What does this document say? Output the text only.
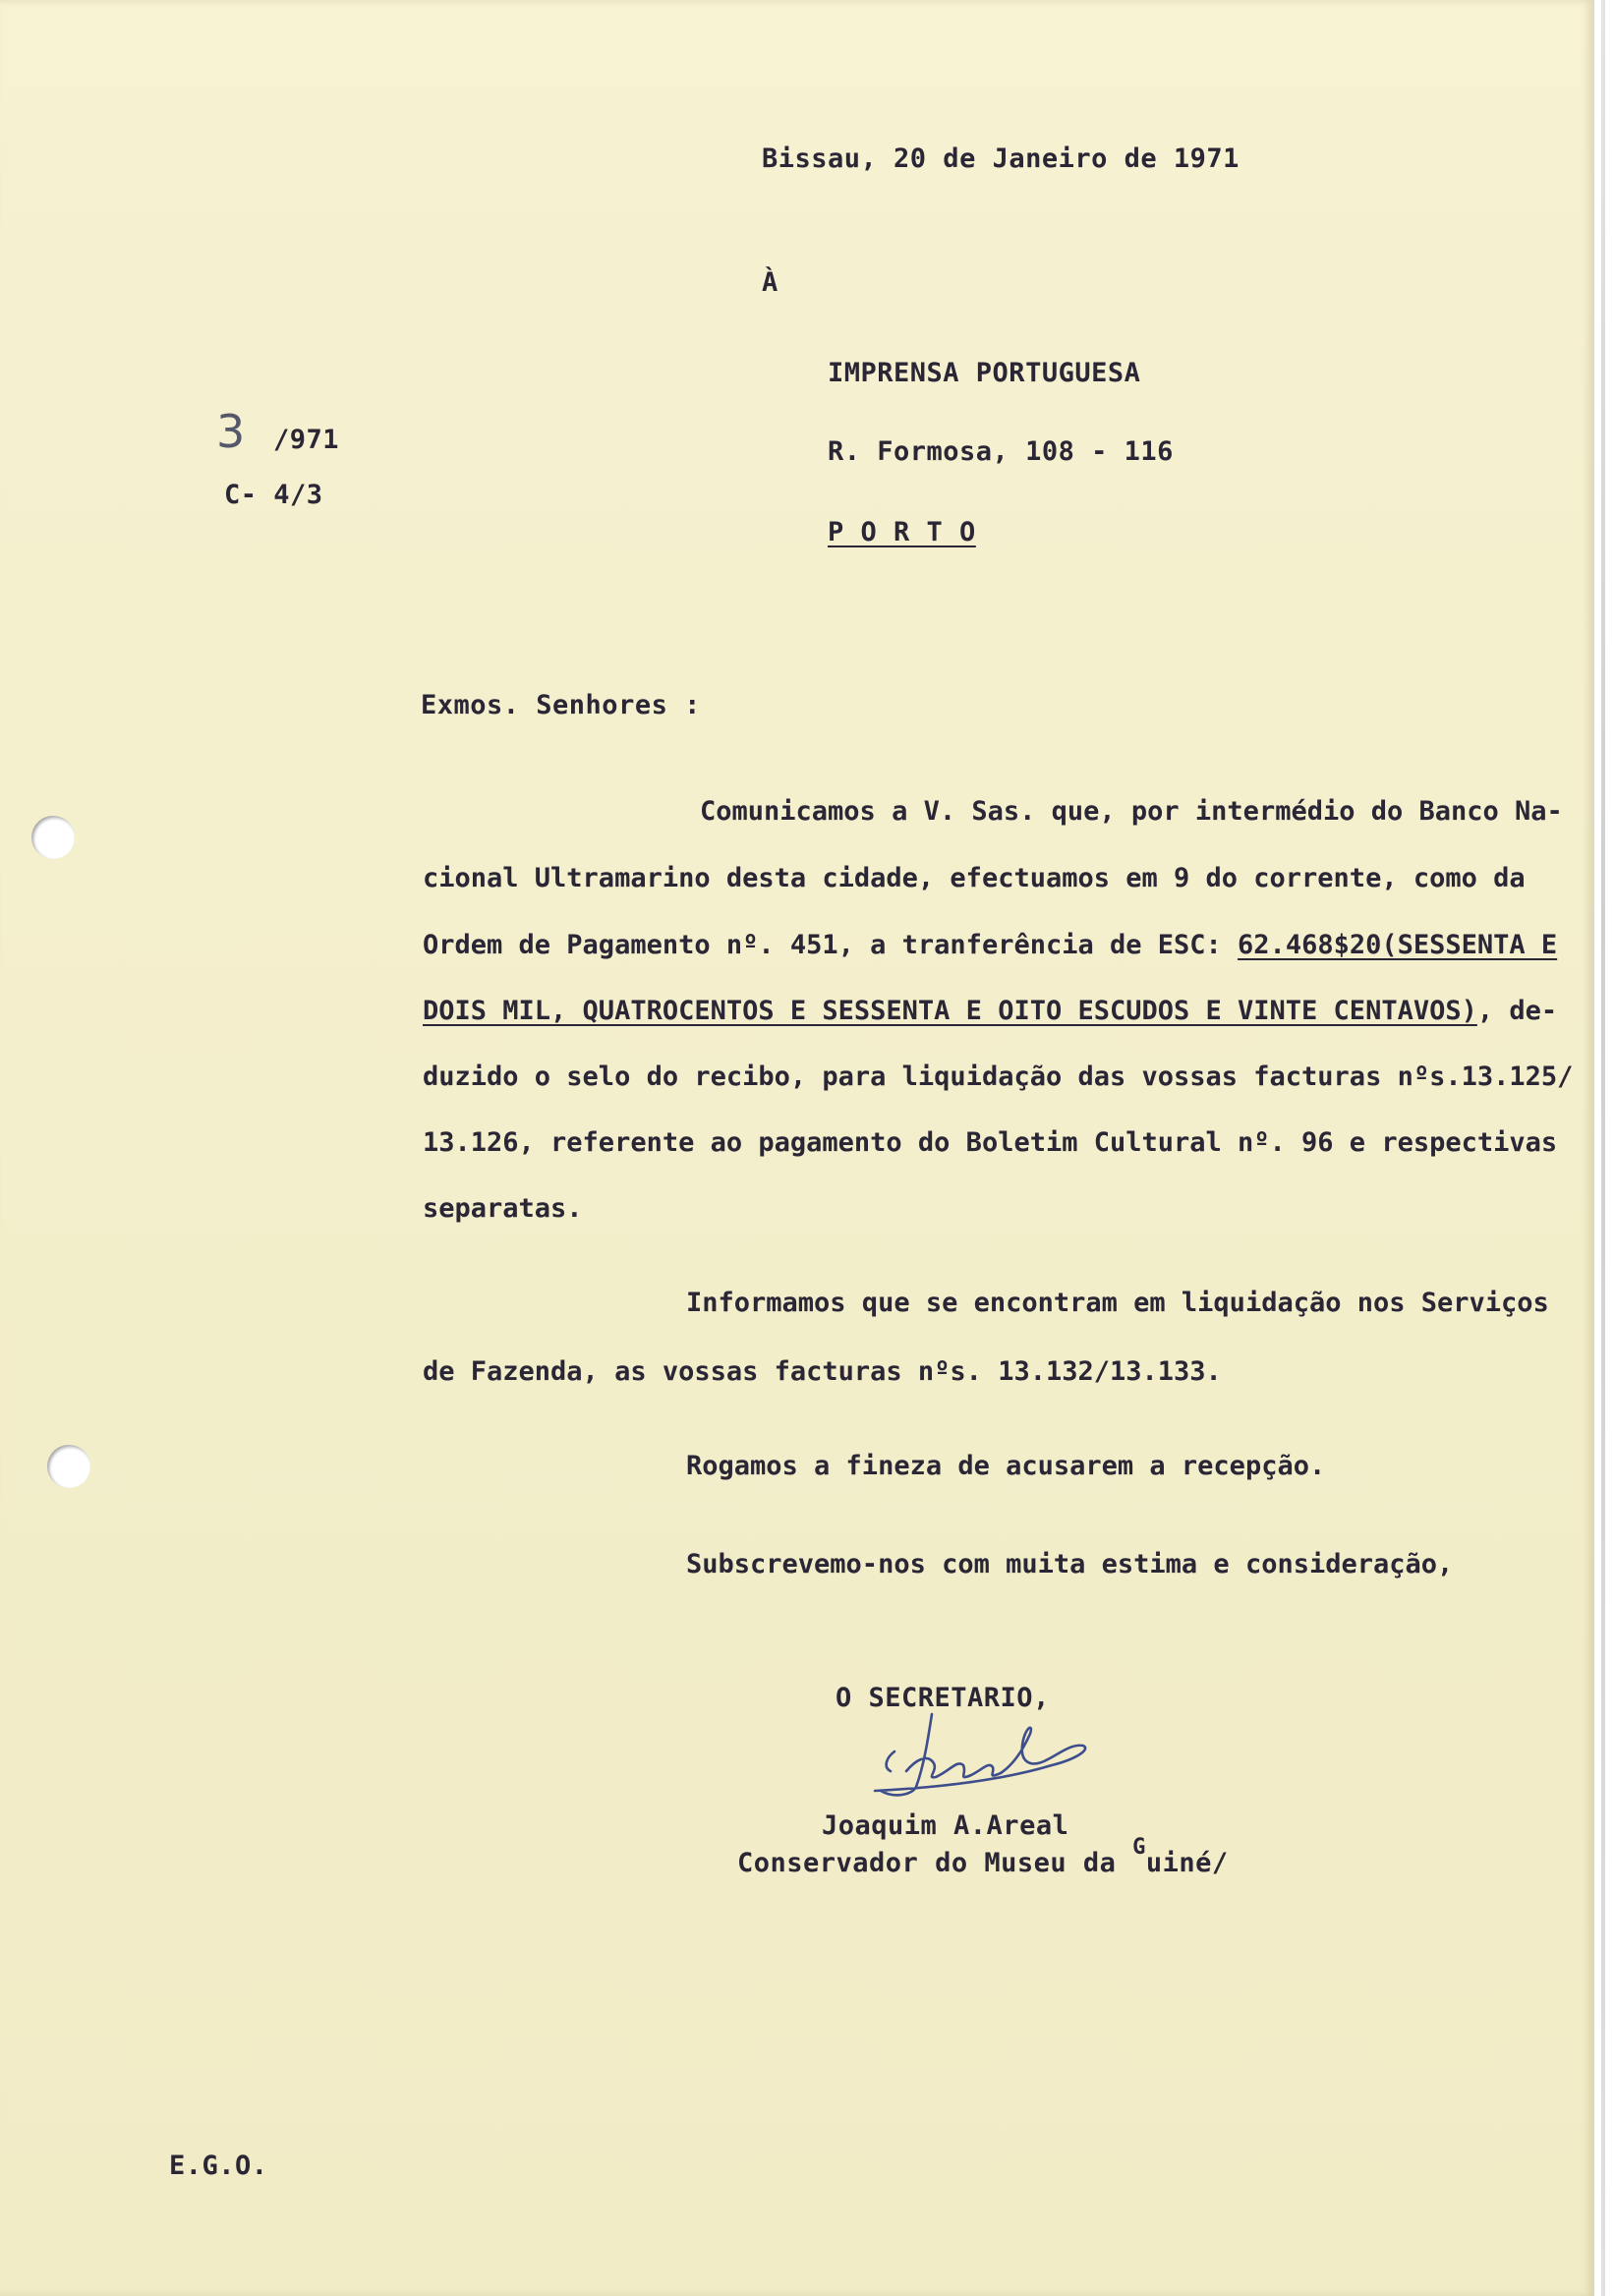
Bissau, 20 de Janeiro de 1971

À

IMPRENSA PORTUGUESA

R. Formosa, 108 - 116

P O R T O

3 /971

C- 4/3

Exmos. Senhores :

Comunicamos a V. Sas. que, por intermédio do Banco Na-

cional Ultramarino desta cidade, efectuamos em 9 do corrente, como da

Ordem de Pagamento nº. 451, a tranferência de ESC: 62.468$20(SESSENTA E

DOIS MIL, QUATROCENTOS E SESSENTA E OITO ESCUDOS E VINTE CENTAVOS), de-

duzido o selo do recibo, para liquidação das vossas facturas nºs.13.125/

13.126, referente ao pagamento do Boletim Cultural nº. 96 e respectivas

separatas.

Informamos que se encontram em liquidação nos Serviços

de Fazenda, as vossas facturas nºs. 13.132/13.133.

Rogamos a fineza de acusarem a recepção.

Subscrevemo-nos com muita estima e consideração,

O SECRETARIO,

Joaquim A.Areal

Conservador do Museu da $^G$uiné/

E.G.O.
